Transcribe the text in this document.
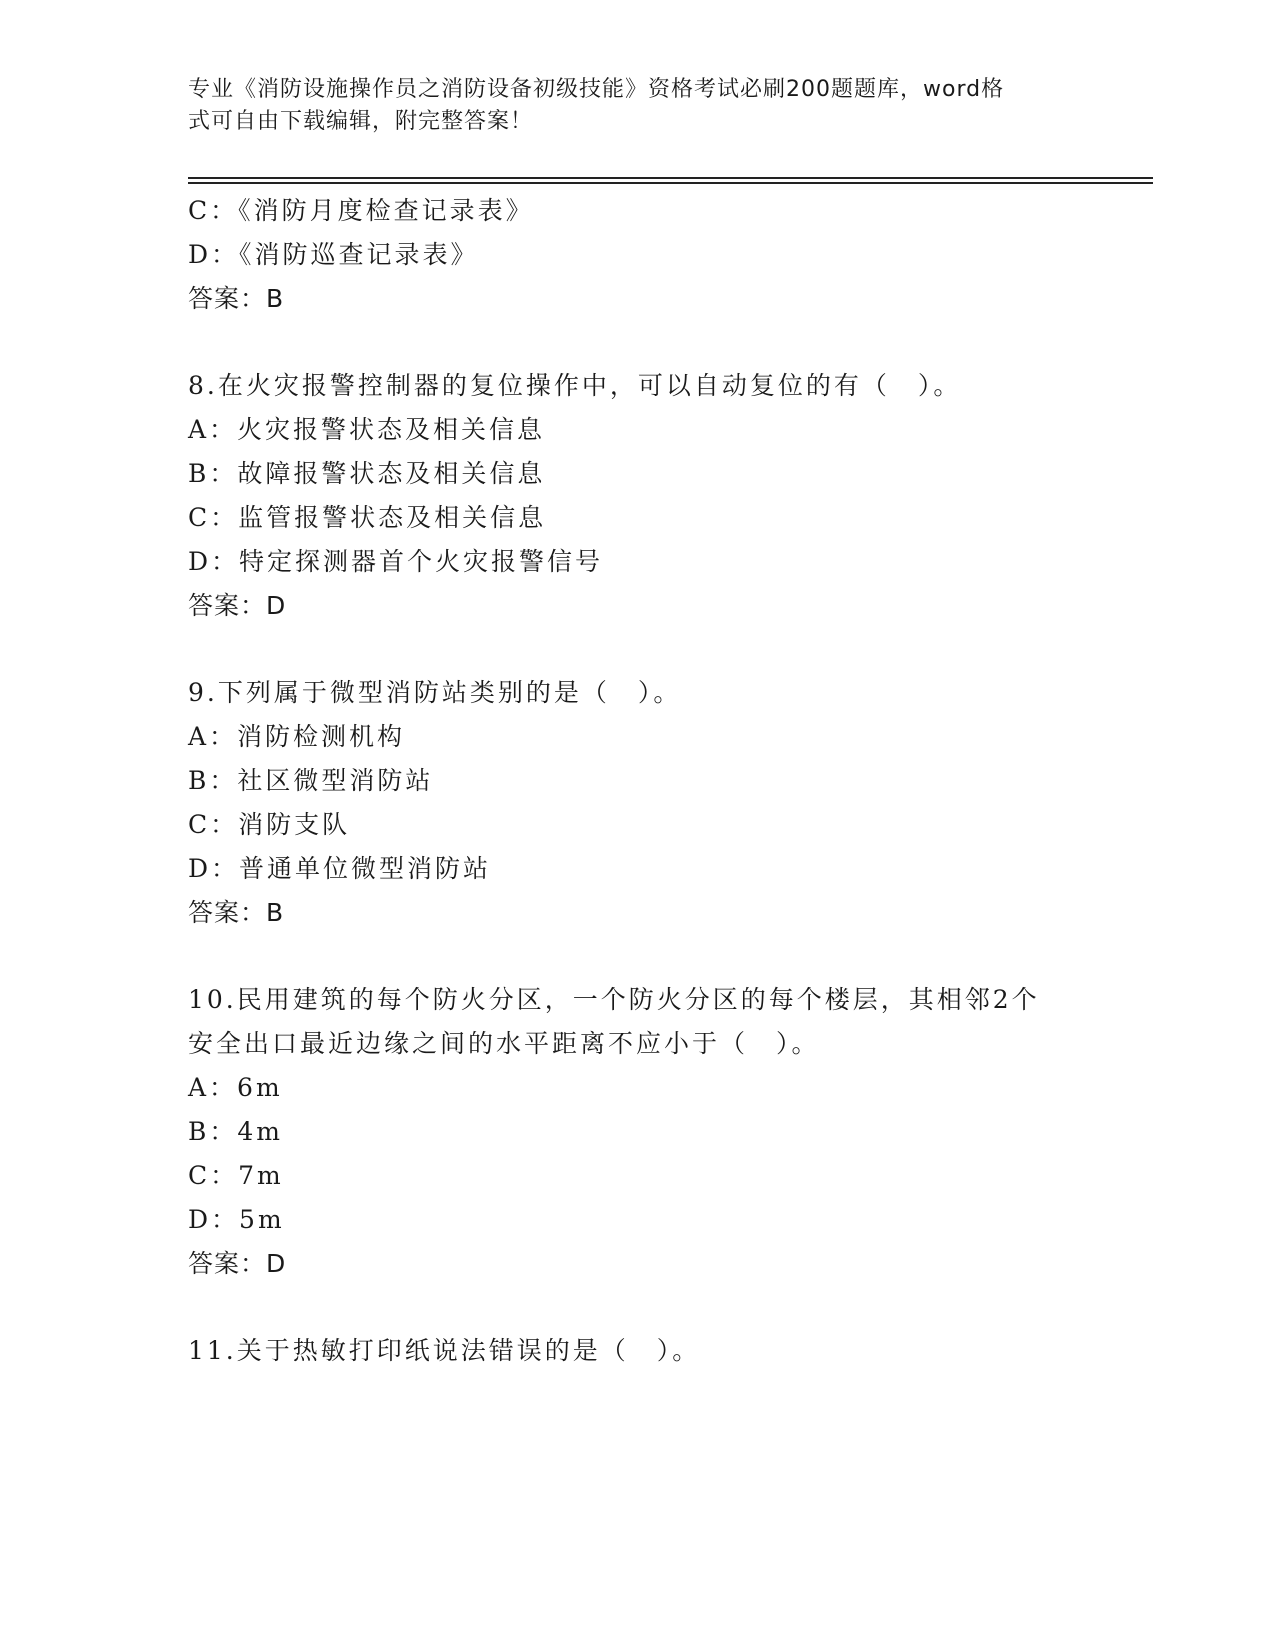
专业《消防设施操作员之消防设备初级技能》资格考试必刷200题题库，word格
式可自由下载编辑，附完整答案！
C：《消防月度检查记录表》
D：《消防巡查记录表》
答案：B
8.在火灾报警控制器的复位操作中，可以自动复位的有（　）。
A：火灾报警状态及相关信息
B：故障报警状态及相关信息
C：监管报警状态及相关信息
D：特定探测器首个火灾报警信号
答案：D
9.下列属于微型消防站类别的是（　）。
A：消防检测机构
B：社区微型消防站
C：消防支队
D：普通单位微型消防站
答案：B
10.民用建筑的每个防火分区，一个防火分区的每个楼层，其相邻2个
安全出口最近边缘之间的水平距离不应小于（　）。
A：6m
B：4m
C：7m
D：5m
答案：D
11.关于热敏打印纸说法错误的是（　）。
